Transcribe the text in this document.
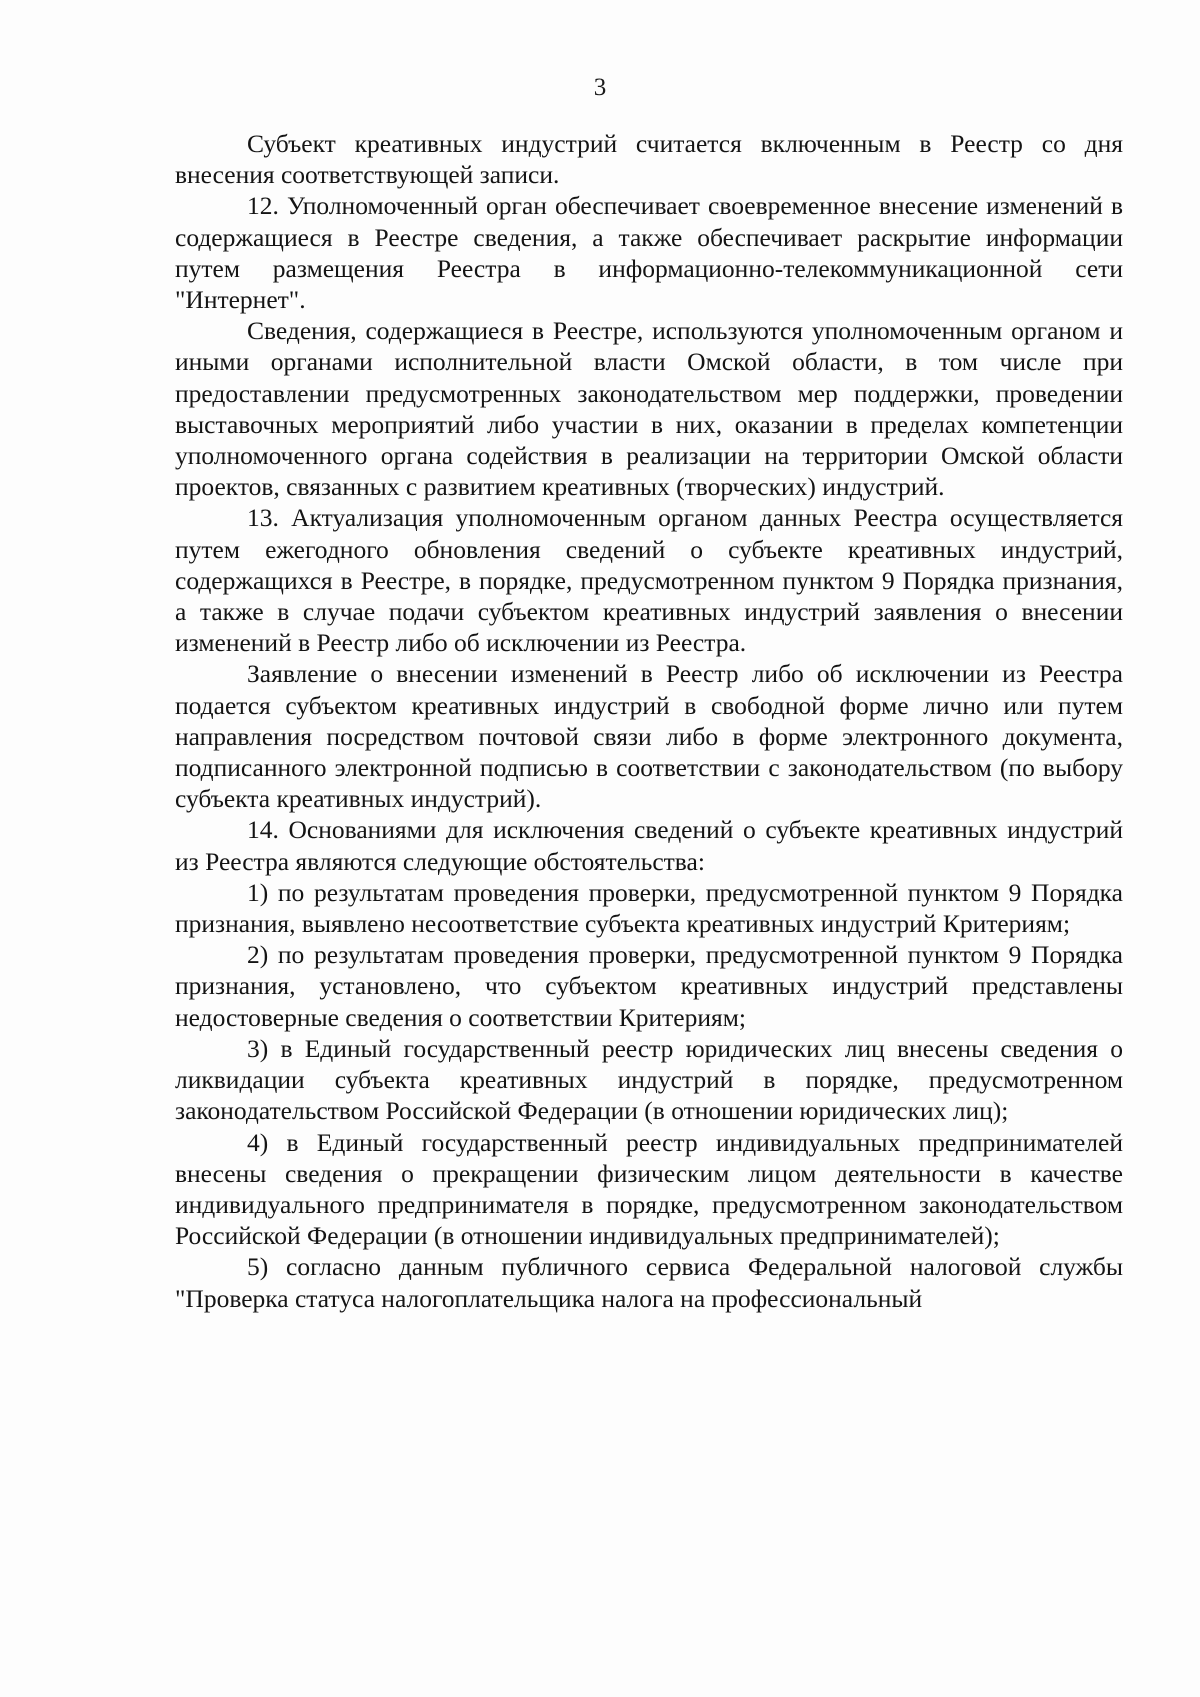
3

Субъект креативных индустрий считается включенным в Реестр со дня внесения соответствующей записи.

12. Уполномоченный орган обеспечивает своевременное внесение изменений в содержащиеся в Реестре сведения, а также обеспечивает раскрытие информации путем размещения Реестра в информационно-телекоммуникационной сети "Интернет".

Сведения, содержащиеся в Реестре, используются уполномоченным органом и иными органами исполнительной власти Омской области, в том числе при предоставлении предусмотренных законодательством мер поддержки, проведении выставочных мероприятий либо участии в них, оказании в пределах компетенции уполномоченного органа содействия в реализации на территории Омской области проектов, связанных с развитием креативных (творческих) индустрий.

13. Актуализация уполномоченным органом данных Реестра осуществляется путем ежегодного обновления сведений о субъекте креативных индустрий, содержащихся в Реестре, в порядке, предусмотренном пунктом 9 Порядка признания, а также в случае подачи субъектом креативных индустрий заявления о внесении изменений в Реестр либо об исключении из Реестра.

Заявление о внесении изменений в Реестр либо об исключении из Реестра подается субъектом креативных индустрий в свободной форме лично или путем направления посредством почтовой связи либо в форме электронного документа, подписанного электронной подписью в соответствии с законодательством (по выбору субъекта креативных индустрий).

14. Основаниями для исключения сведений о субъекте креативных индустрий из Реестра являются следующие обстоятельства:

1) по результатам проведения проверки, предусмотренной пунктом 9 Порядка признания, выявлено несоответствие субъекта креативных индустрий Критериям;

2) по результатам проведения проверки, предусмотренной пунктом 9 Порядка признания, установлено, что субъектом креативных индустрий представлены недостоверные сведения о соответствии Критериям;

3) в Единый государственный реестр юридических лиц внесены сведения о ликвидации субъекта креативных индустрий в порядке, предусмотренном законодательством Российской Федерации (в отношении юридических лиц);

4) в Единый государственный реестр индивидуальных предпринимателей внесены сведения о прекращении физическим лицом деятельности в качестве индивидуального предпринимателя в порядке, предусмотренном законодательством Российской Федерации (в отношении индивидуальных предпринимателей);

5) согласно данным публичного сервиса Федеральной налоговой службы "Проверка статуса налогоплательщика налога на профессиональный
